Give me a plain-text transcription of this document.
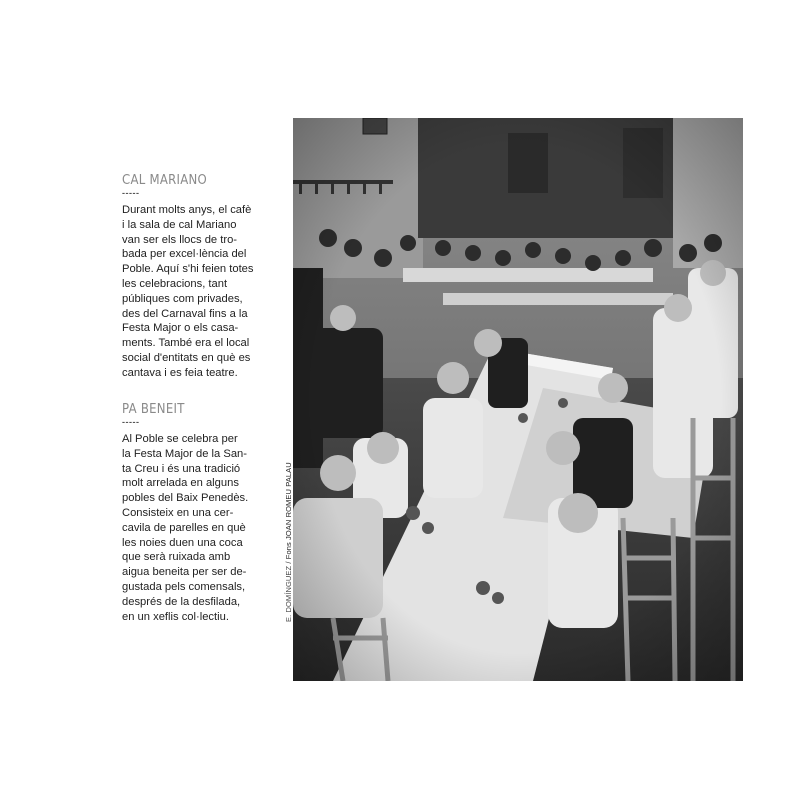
CAL MARIANO
-----

Durant molts anys, el cafè
i la sala de cal Mariano
van ser els llocs de tro-
bada per excel·lència del
Poble. Aquí s'hi feien totes
les celebracions, tant
públiques com privades,
des del Carnaval fins a la
Festa Major o els casa-
ments. També era el local
social d'entitats en què es
cantava i es feia teatre.

PA BENEIT
-----

Al Poble se celebra per
la Festa Major de la San-
ta Creu i és una tradició
molt arrelada en alguns
pobles del Baix Penedès.
Consisteix en una cer-
cavila de parelles en què
les noies duen una coca
que serà ruixada amb
aigua beneita per ser de-
gustada pels comensals,
després de la desfilada,
en un xeflis col·lectiu.	E. DOMÍNGUEZ / Fons JOAN ROMEU PALAU
